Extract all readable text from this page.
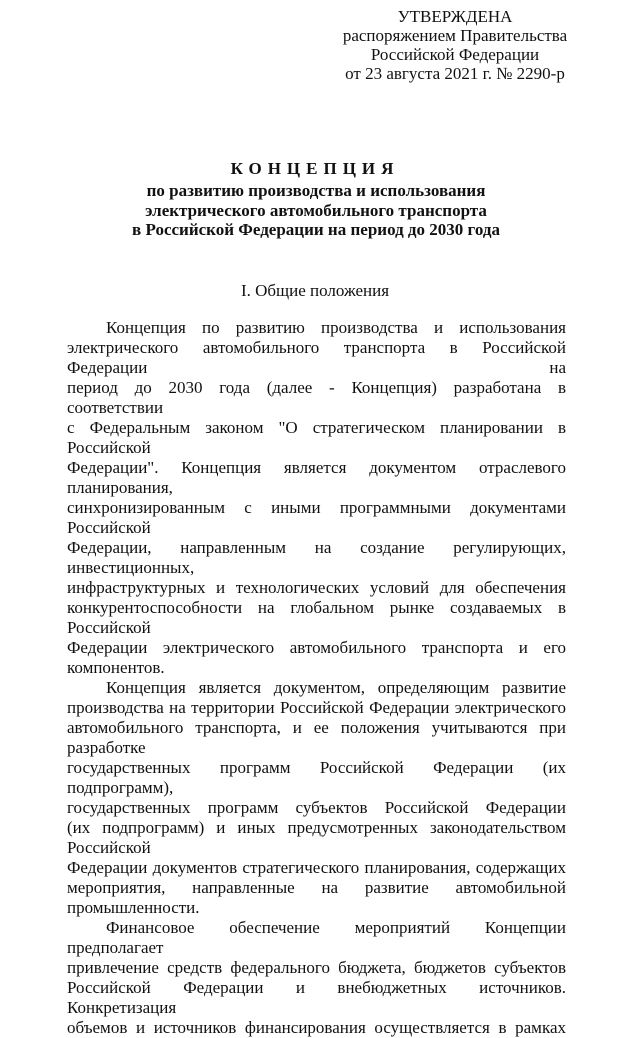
УТВЕРЖДЕНА
распоряжением Правительства
Российской Федерации
от 23 августа 2021 г. № 2290-р
КОНЦЕПЦИЯ
по развитию производства и использования
электрического автомобильного транспорта
в Российской Федерации на период до 2030 года
I. Общие положения
Концепция по развитию производства и использования
электрического автомобильного транспорта в Российской Федерации на
период до 2030 года (далее - Концепция) разработана в соответствии
с Федеральным законом "О стратегическом планировании в Российской
Федерации". Концепция является документом отраслевого планирования,
синхронизированным с иными программными документами Российской
Федерации, направленным на создание регулирующих, инвестиционных,
инфраструктурных и технологических условий для обеспечения
конкурентоспособности на глобальном рынке создаваемых в Российской
Федерации электрического автомобильного транспорта и его компонентов.
Концепция является документом, определяющим развитие
производства на территории Российской Федерации электрического
автомобильного транспорта, и ее положения учитываются при разработке
государственных программ Российской Федерации (их подпрограмм),
государственных программ субъектов Российской Федерации
(их подпрограмм) и иных предусмотренных законодательством Российской
Федерации документов стратегического планирования, содержащих
мероприятия, направленные на развитие автомобильной промышленности.
Финансовое обеспечение мероприятий Концепции предполагает
привлечение средств федерального бюджета, бюджетов субъектов
Российской Федерации и внебюджетных источников. Конкретизация
объемов и источников финансирования осуществляется в рамках
